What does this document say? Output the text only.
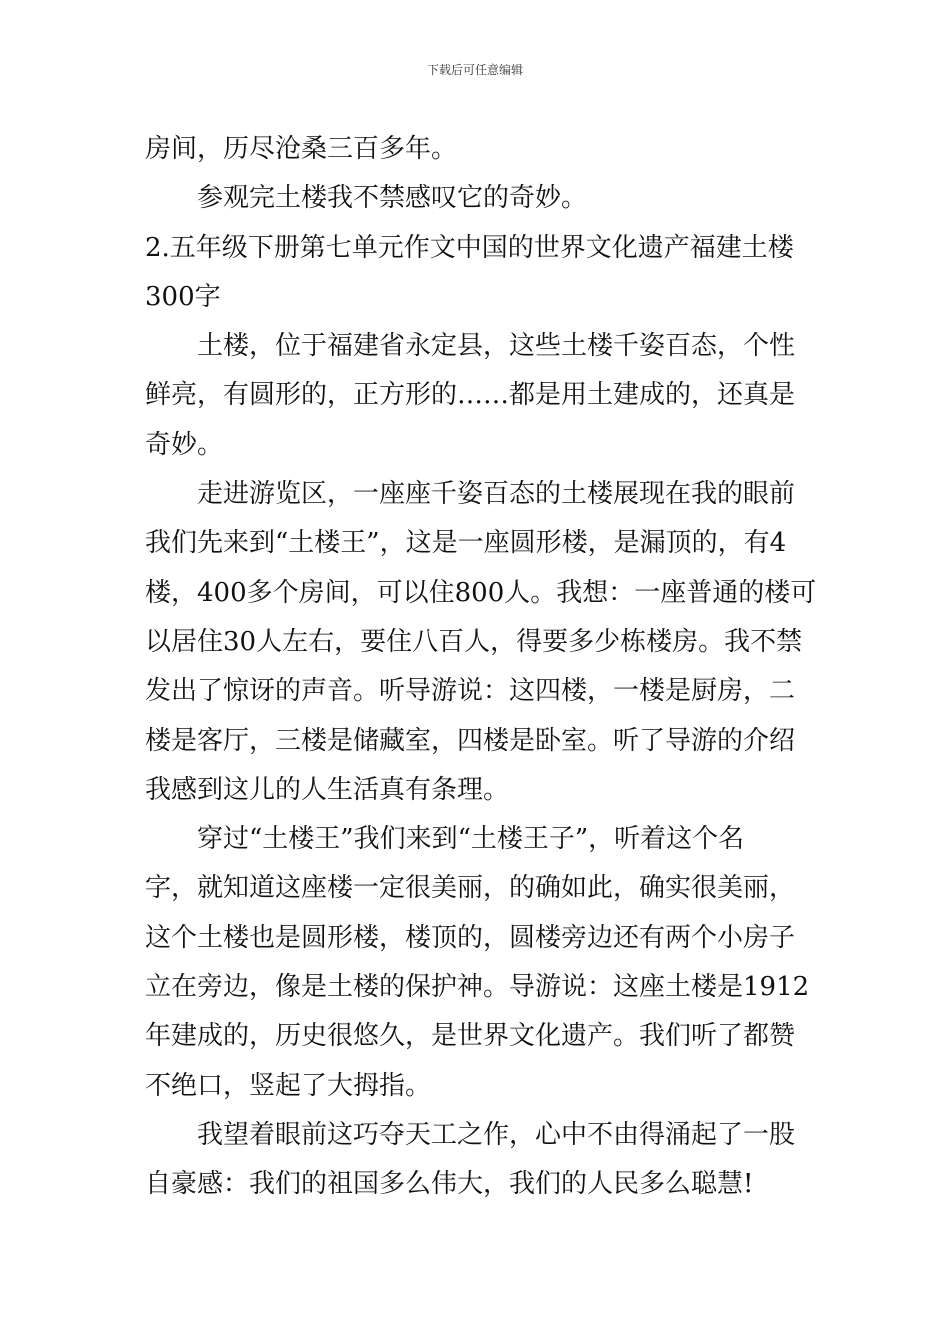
下载后可任意编辑
房间，历尽沧桑三百多年。
参观完土楼我不禁感叹它的奇妙。
2.五年级下册第七单元作文中国的世界文化遗产福建土楼
300字
土楼，位于福建省永定县，这些土楼千姿百态，个性
鲜亮，有圆形的，正方形的……都是用土建成的，还真是
奇妙。
走进游览区，一座座千姿百态的土楼展现在我的眼前
我们先来到“土楼王”，这是一座圆形楼，是漏顶的，有4
楼，400多个房间，可以住800人。我想：一座普通的楼可
以居住30人左右，要住八百人，得要多少栋楼房。我不禁
发出了惊讶的声音。听导游说：这四楼，一楼是厨房，二
楼是客厅，三楼是储藏室，四楼是卧室。听了导游的介绍
我感到这儿的人生活真有条理。
穿过“土楼王”我们来到“土楼王子”，听着这个名
字，就知道这座楼一定很美丽，的确如此，确实很美丽，
这个土楼也是圆形楼，楼顶的，圆楼旁边还有两个小房子
立在旁边，像是土楼的保护神。导游说：这座土楼是1912
年建成的，历史很悠久，是世界文化遗产。我们听了都赞
不绝口，竖起了大拇指。
我望着眼前这巧夺天工之作，心中不由得涌起了一股
自豪感：我们的祖国多么伟大，我们的人民多么聪慧!
